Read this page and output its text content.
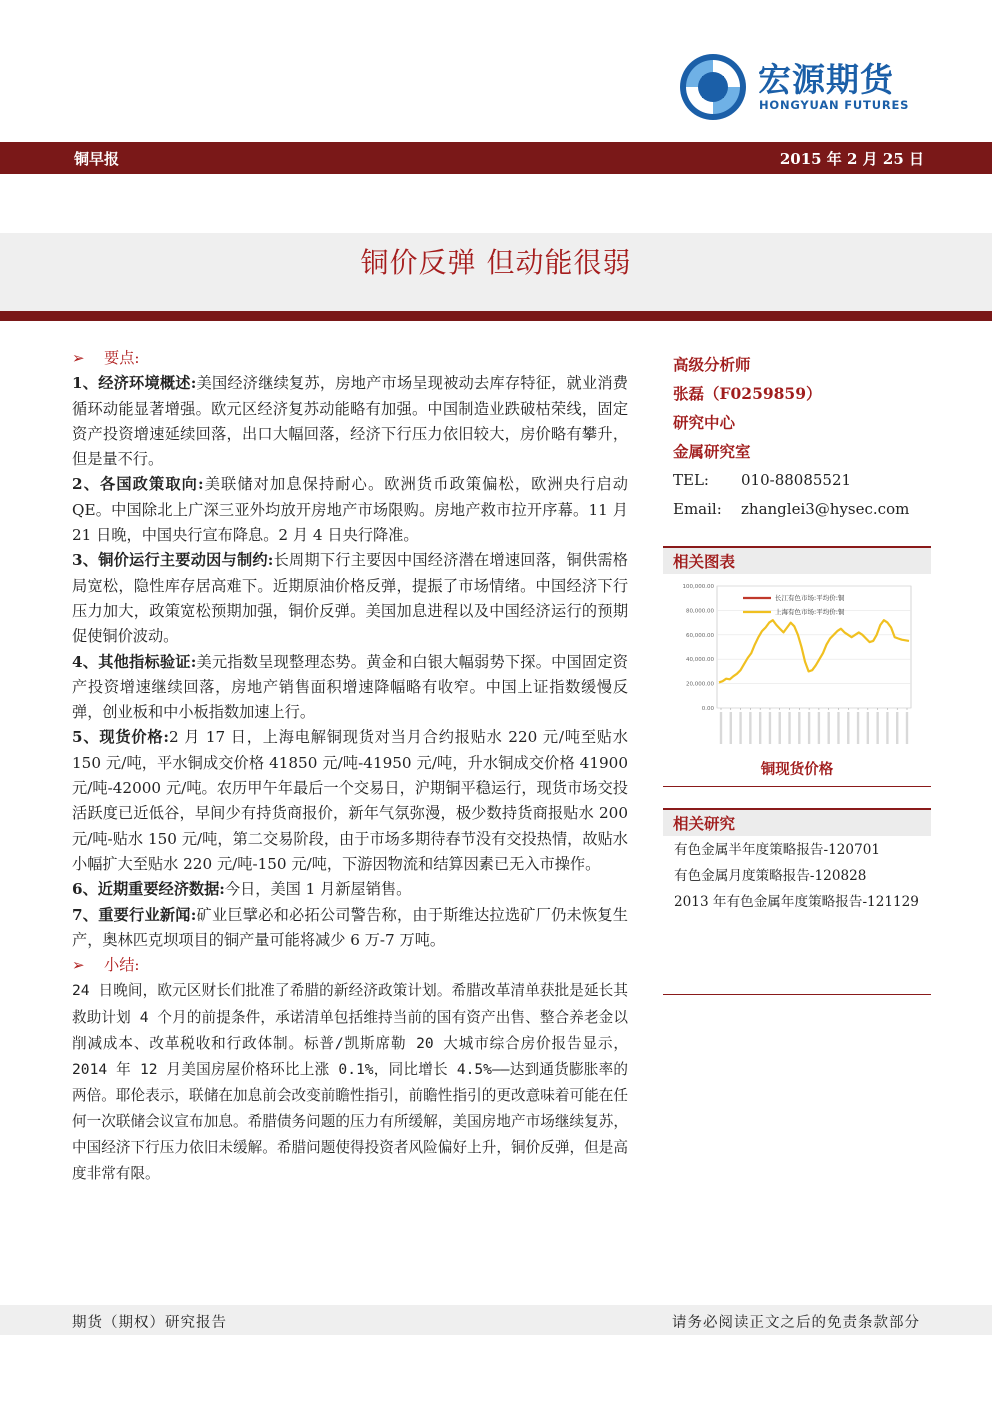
宏源期货
HONGYUAN FUTURES
铜早报	2015 年 2 月 25 日
铜价反弹 但动能很弱

➢ 要点:

1、经济环境概述:美国经济继续复苏，房地产市场呈现被动去库存特征，就业消费循环动能显著增强。欧元区经济复苏动能略有加强。中国制造业跌破枯荣线，固定资产投资增速延续回落，出口大幅回落，经济下行压力依旧较大，房价略有攀升，但是量不行。

2、各国政策取向:美联储对加息保持耐心。欧洲货币政策偏松，欧洲央行启动 QE。中国除北上广深三亚外均放开房地产市场限购。房地产救市拉开序幕。11 月 21 日晚，中国央行宣布降息。2 月 4 日央行降准。

3、铜价运行主要动因与制约:长周期下行主要因中国经济潜在增速回落，铜供需格局宽松，隐性库存居高难下。近期原油价格反弹，提振了市场情绪。中国经济下行压力加大，政策宽松预期加强，铜价反弹。美国加息进程以及中国经济运行的预期促使铜价波动。

4、其他指标验证:美元指数呈现整理态势。黄金和白银大幅弱势下探。中国固定资产投资增速继续回落，房地产销售面积增速降幅略有收窄。中国上证指数缓慢反弹，创业板和中小板指数加速上行。

5、现货价格:2 月 17 日，上海电解铜现货对当月合约报贴水 220 元/吨至贴水 150 元/吨，平水铜成交价格 41850 元/吨-41950 元/吨，升水铜成交价格 41900 元/吨-42000 元/吨。农历甲午年最后一个交易日，沪期铜平稳运行，现货市场交投活跃度已近低谷，早间少有持货商报价，新年气氛弥漫，极少数持货商报贴水 200 元/吨-贴水 150 元/吨，第二交易阶段，由于市场多期待春节没有交投热情，故贴水小幅扩大至贴水 220 元/吨-150 元/吨，下游因物流和结算因素已无入市操作。

6、近期重要经济数据:今日，美国 1 月新屋销售。

7、重要行业新闻:矿业巨擘必和必拓公司警告称，由于斯维达拉选矿厂仍未恢复生产，奥林匹克坝项目的铜产量可能将减少 6 万-7 万吨。

➢ 小结:

24 日晚间，欧元区财长们批准了希腊的新经济政策计划。希腊改革清单获批是延长其救助计划 4 个月的前提条件，承诺清单包括维持当前的国有资产出售、整合养老金以削减成本、改革税收和行政体制。标普/凯斯席勒 20 大城市综合房价报告显示，2014 年 12 月美国房屋价格环比上涨 0.1%，同比增长 4.5%——达到通货膨胀率的两倍。耶伦表示，联储在加息前会改变前瞻性指引，前瞻性指引的更改意味着可能在任何一次联储会议宣布加息。希腊债务问题的压力有所缓解，美国房地产市场继续复苏，中国经济下行压力依旧未缓解。希腊问题使得投资者风险偏好上升，铜价反弹，但是高度非常有限。

高级分析师

张磊（F0259859）

研究中心

金属研究室

TEL: 010-88085521

Email: zhanglei3@hysec.com

相关图表
100,000.00
80,000.00
60,000.00
40,000.00
20,000.00
0.00
长江有色市场:平均价:铜
上海有色市场:平均价:铜
铜现货价格
相关研究
有色金属半年度策略报告-120701
有色金属月度策略报告-120828
2013 年有色金属年度策略报告-121129
期货（期权）研究报告	请务必阅读正文之后的免责条款部分
